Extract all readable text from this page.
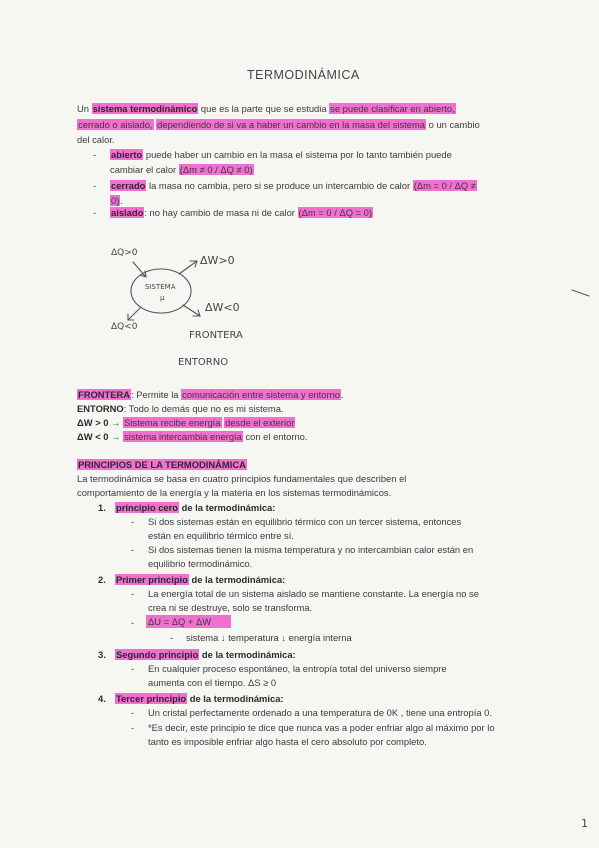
TERMODINÁMICA
Un sistema termodinámico que es la parte que se estudia se puede clasificar en abierto,
cerrado o aislado, dependiendo de si va a haber un cambio en la masa del sistema o un cambio
del calor.
- abierto puede haber un cambio en la masa el sistema por lo tanto también puede
cambiar el calor (Δm ≠ 0 / ΔQ ≠ 0)
- cerrado la masa no cambia, pero si se produce un intercambio de calor (Δm = 0 / ΔQ ≠
0).
- aislado: no hay cambio de masa ni de calor (Δm = 0 / ΔQ = 0)
ΔQ>0
ΔW>0
SISTEMA
μ
ΔW<0
ΔQ<0
FRONTERA
ENTORNO
FRONTERA: Permite la comunicación entre sistema y entorno.
ENTORNO: Todo lo demás que no es mi sistema.
ΔW > 0 → Sistema recibe energía desde el exterior
ΔW < 0 → sistema intercambia energía con el entorno.
PRINCIPIOS DE LA TERMODINÁMICA
La termodinámica se basa en cuatro principios fundamentales que describen el
comportamiento de la energía y la materia en los sistemas termodinámicos.
1. principio cero de la termodinámica:
- Si dos sistemas están en equilibrio térmico con un tercer sistema, entonces
están en equilibrio térmico entre sí.
- Si dos sistemas tienen la misma temperatura y no intercambian calor están en
equilibrio termodinámico.
2. Primer principio de la termodinámica:
- La energía total de un sistema aislado se mantiene constante. La energía no se
crea ni se destruye, solo se transforma.
- ΔU = ΔQ + ΔW
- sistema ↓ temperatura ↓ energía interna
3. Segundo principio de la termodinámica:
- En cualquier proceso espontáneo, la entropía total del universo siempre
aumenta con el tiempo. ΔS ≥ 0
4. Tercer principio de la termodinámica:
- Un cristal perfectamente ordenado a una temperatura de 0K , tiene una entropía 0.
- *Es decir, este principio te dice que nunca vas a poder enfriar algo al máximo por lo
tanto es imposible enfriar algo hasta el cero absoluto por completo.
1
